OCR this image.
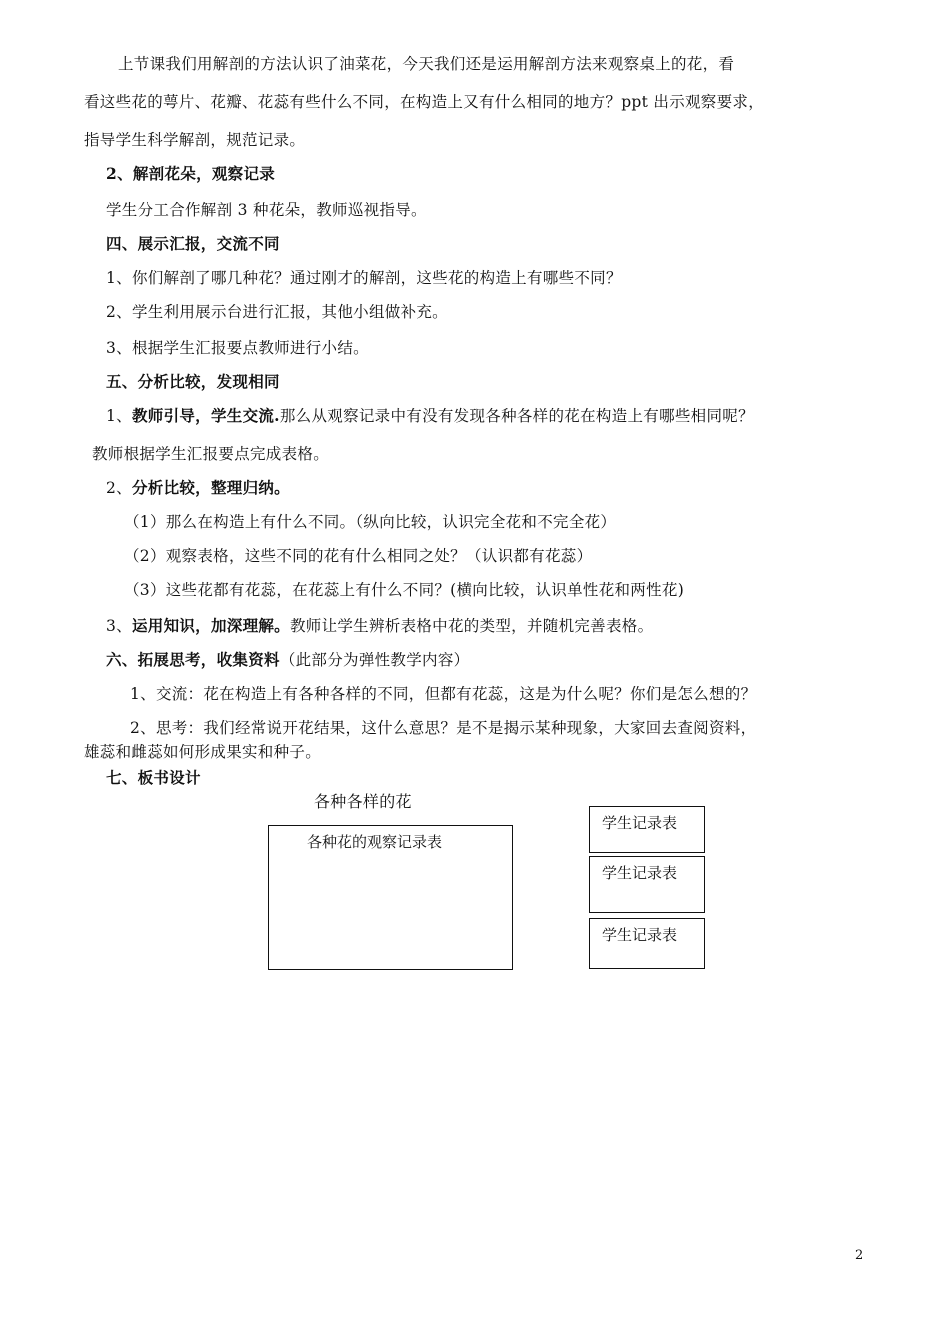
上节课我们用解剖的方法认识了油菜花，今天我们还是运用解剖方法来观察桌上的花，看
看这些花的萼片、花瓣、花蕊有些什么不同，在构造上又有什么相同的地方？ppt 出示观察要求，
指导学生科学解剖，规范记录。
2、解剖花朵，观察记录
学生分工合作解剖 3 种花朵，教师巡视指导。
四、展示汇报，交流不同
1、你们解剖了哪几种花？通过刚才的解剖，这些花的构造上有哪些不同？
2、学生利用展示台进行汇报，其他小组做补充。
3、根据学生汇报要点教师进行小结。
五、分析比较，发现相同
1、教师引导，学生交流.那么从观察记录中有没有发现各种各样的花在构造上有哪些相同呢？
教师根据学生汇报要点完成表格。
2、分析比较，整理归纳。
（1）那么在构造上有什么不同。（纵向比较，认识完全花和不完全花）
（2）观察表格，这些不同的花有什么相同之处？（认识都有花蕊）
（3）这些花都有花蕊，在花蕊上有什么不同？(横向比较，认识单性花和两性花)
3、运用知识，加深理解。教师让学生辨析表格中花的类型，并随机完善表格。
六、拓展思考，收集资料（此部分为弹性教学内容）
1、交流：花在构造上有各种各样的不同，但都有花蕊，这是为什么呢？你们是怎么想的？
2、思考：我们经常说开花结果，这什么意思？是不是揭示某种现象，大家回去查阅资料，
雄蕊和雌蕊如何形成果实和种子。
七、板书设计
各种各样的花
各种花的观察记录表
学生记录表
学生记录表
学生记录表
2
